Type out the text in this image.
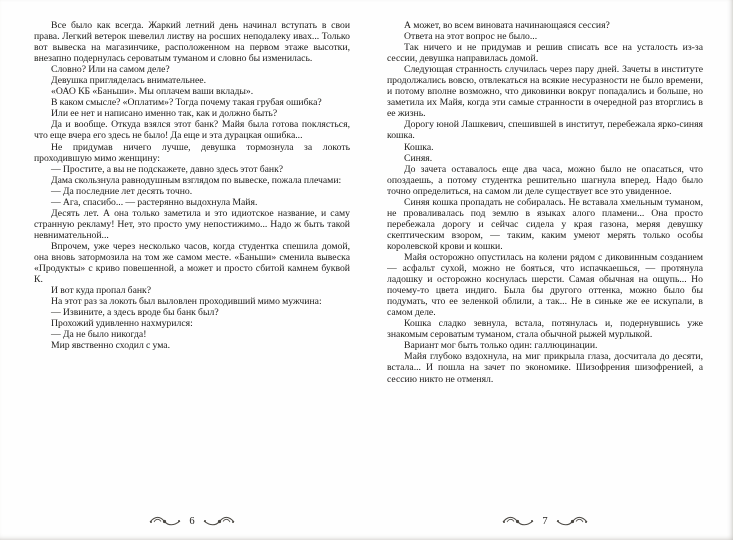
Все было как всегда. Жаркий летний день начинал вступать в свои права. Легкий ветерок шевелил листву на росших неподалеку ивах... Только вот вывеска на магазинчике, расположенном на первом этаже высотки, внезапно подернулась сероватым туманом и словно бы изменилась.

Словно? Или на самом деле?

Девушка пригляделась внимательнее.

«ОАО КБ «Баньши». Мы оплачем ваши вклады».

В каком смысле? «Оплатим»? Тогда почему такая грубая ошибка?

Или ее нет и написано именно так, как и должно быть?

Да и вообще. Откуда взялся этот банк? Майя была готова поклясться, что еще вчера его здесь не было! Да еще и эта дурацкая ошибка...

Не придумав ничего лучше, девушка тормознула за локоть проходившую мимо женщину:

— Простите, а вы не подскажете, давно здесь этот банк?

Дама скользнула равнодушным взглядом по вывеске, пожала плечами:

— Да последние лет десять точно.

— Ага, спасибо... — растерянно выдохнула Майя.

Десять лет. А она только заметила и это идиотское название, и саму странную рекламу! Нет, это просто уму непостижимо... Надо ж быть такой невнимательной...

Впрочем, уже через несколько часов, когда студентка спешила домой, она вновь затормозила на том же самом месте. «Баньши» сменила вывеска «Продукты» с криво повешенной, а может и просто сбитой камнем буквой К.

И вот куда пропал банк?

На этот раз за локоть был выловлен проходивший мимо мужчина:

— Извините, а здесь вроде бы банк был?

Прохожий удивленно нахмурился:

— Да не было никогда!

Мир явственно сходил с ума.

6

А может, во всем виновата начинающаяся сессия?

Ответа на этот вопрос не было...

Так ничего и не придумав и решив списать все на усталость из-за сессии, девушка направилась домой.

Следующая странность случилась через пару дней. Зачеты в институте продолжались вовсю, отвлекаться на всякие несуразности не было времени, и потому вполне возможно, что диковинки вокруг попадались и больше, но заметила их Майя, когда эти самые странности в очередной раз вторглись в ее жизнь.

Дорогу юной Лашкевич, спешившей в институт, перебежала ярко-синяя кошка.

Кошка.

Синяя.

До зачета оставалось еще два часа, можно было не опасаться, что опоздаешь, а потому студентка решительно шагнула вперед. Надо было точно определиться, на самом ли деле существует все это увиденное.

Синяя кошка пропадать не собиралась. Не вставала хмельным туманом, не проваливалась под землю в языках алого пламени... Она просто перебежала дорогу и сейчас сидела у края газона, меряя девушку скептическим взором, — таким, каким умеют мерять только особы королевской крови и кошки.

Майя осторожно опустилась на колени рядом с диковинным созданием — асфальт сухой, можно не бояться, что испачкаешься, — протянула ладошку и осторожно коснулась шерсти. Самая обычная на ощупь... Но почему-то цвета индиго. Была бы другого оттенка, можно было бы подумать, что ее зеленкой облили, а так... Не в синьке же ее искупали, в самом деле.

Кошка сладко зевнула, встала, потянулась и, подернувшись уже знакомым сероватым туманом, стала обычной рыжей мурлыкой.

Вариант мог быть только один: галлюцинации.

Майя глубоко вздохнула, на миг прикрыла глаза, досчитала до десяти, встала... И пошла на зачет по экономике. Шизофрения шизофренией, а сессию никто не отменял.

7
